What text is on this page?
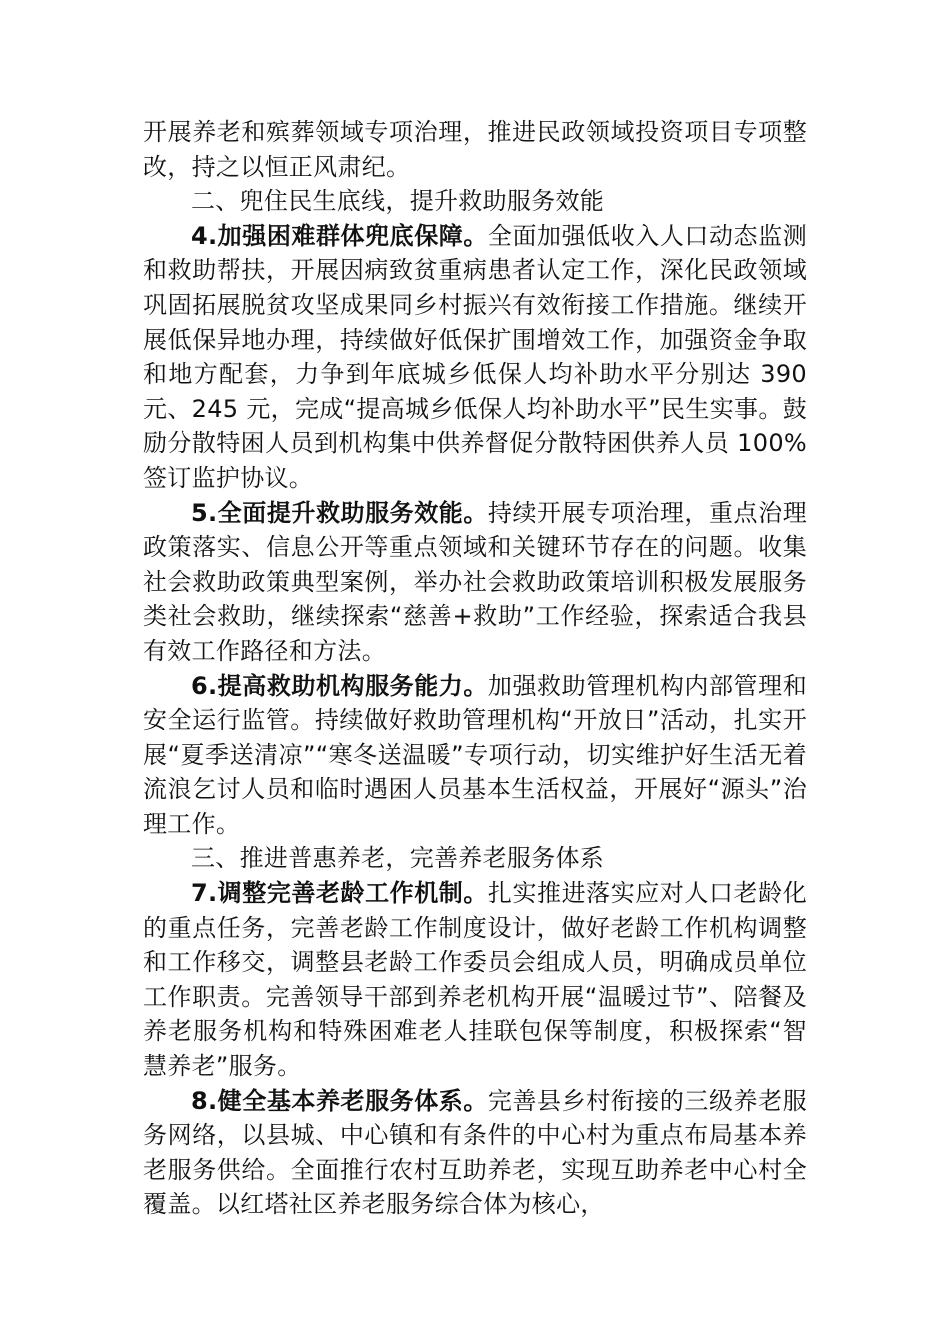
开展养老和殡葬领域专项治理，推进民政领域投资项目专项整改，持之以恒正风肃纪。

二、兜住民生底线，提升救助服务效能

4.加强困难群体兜底保障。全面加强低收入人口动态监测和救助帮扶，开展因病致贫重病患者认定工作，深化民政领域巩固拓展脱贫攻坚成果同乡村振兴有效衔接工作措施。继续开展低保异地办理，持续做好低保扩围增效工作，加强资金争取和地方配套，力争到年底城乡低保人均补助水平分别达 390 元、245 元，完成“提高城乡低保人均补助水平”民生实事。鼓励分散特困人员到机构集中供养督促分散特困供养人员 100%签订监护协议。

5.全面提升救助服务效能。持续开展专项治理，重点治理政策落实、信息公开等重点领域和关键环节存在的问题。收集社会救助政策典型案例，举办社会救助政策培训积极发展服务类社会救助，继续探索“慈善+救助”工作经验，探索适合我县有效工作路径和方法。

6.提高救助机构服务能力。加强救助管理机构内部管理和安全运行监管。持续做好救助管理机构“开放日”活动，扎实开展“夏季送清凉”“寒冬送温暖”专项行动，切实维护好生活无着流浪乞讨人员和临时遇困人员基本生活权益，开展好“源头”治理工作。

三、推进普惠养老，完善养老服务体系

7.调整完善老龄工作机制。扎实推进落实应对人口老龄化的重点任务，完善老龄工作制度设计，做好老龄工作机构调整和工作移交，调整县老龄工作委员会组成人员，明确成员单位工作职责。完善领导干部到养老机构开展“温暖过节”、陪餐及养老服务机构和特殊困难老人挂联包保等制度，积极探索“智慧养老”服务。

8.健全基本养老服务体系。完善县乡村衔接的三级养老服务网络，以县城、中心镇和有条件的中心村为重点布局基本养老服务供给。全面推行农村互助养老，实现互助养老中心村全覆盖。以红塔社区养老服务综合体为核心，
